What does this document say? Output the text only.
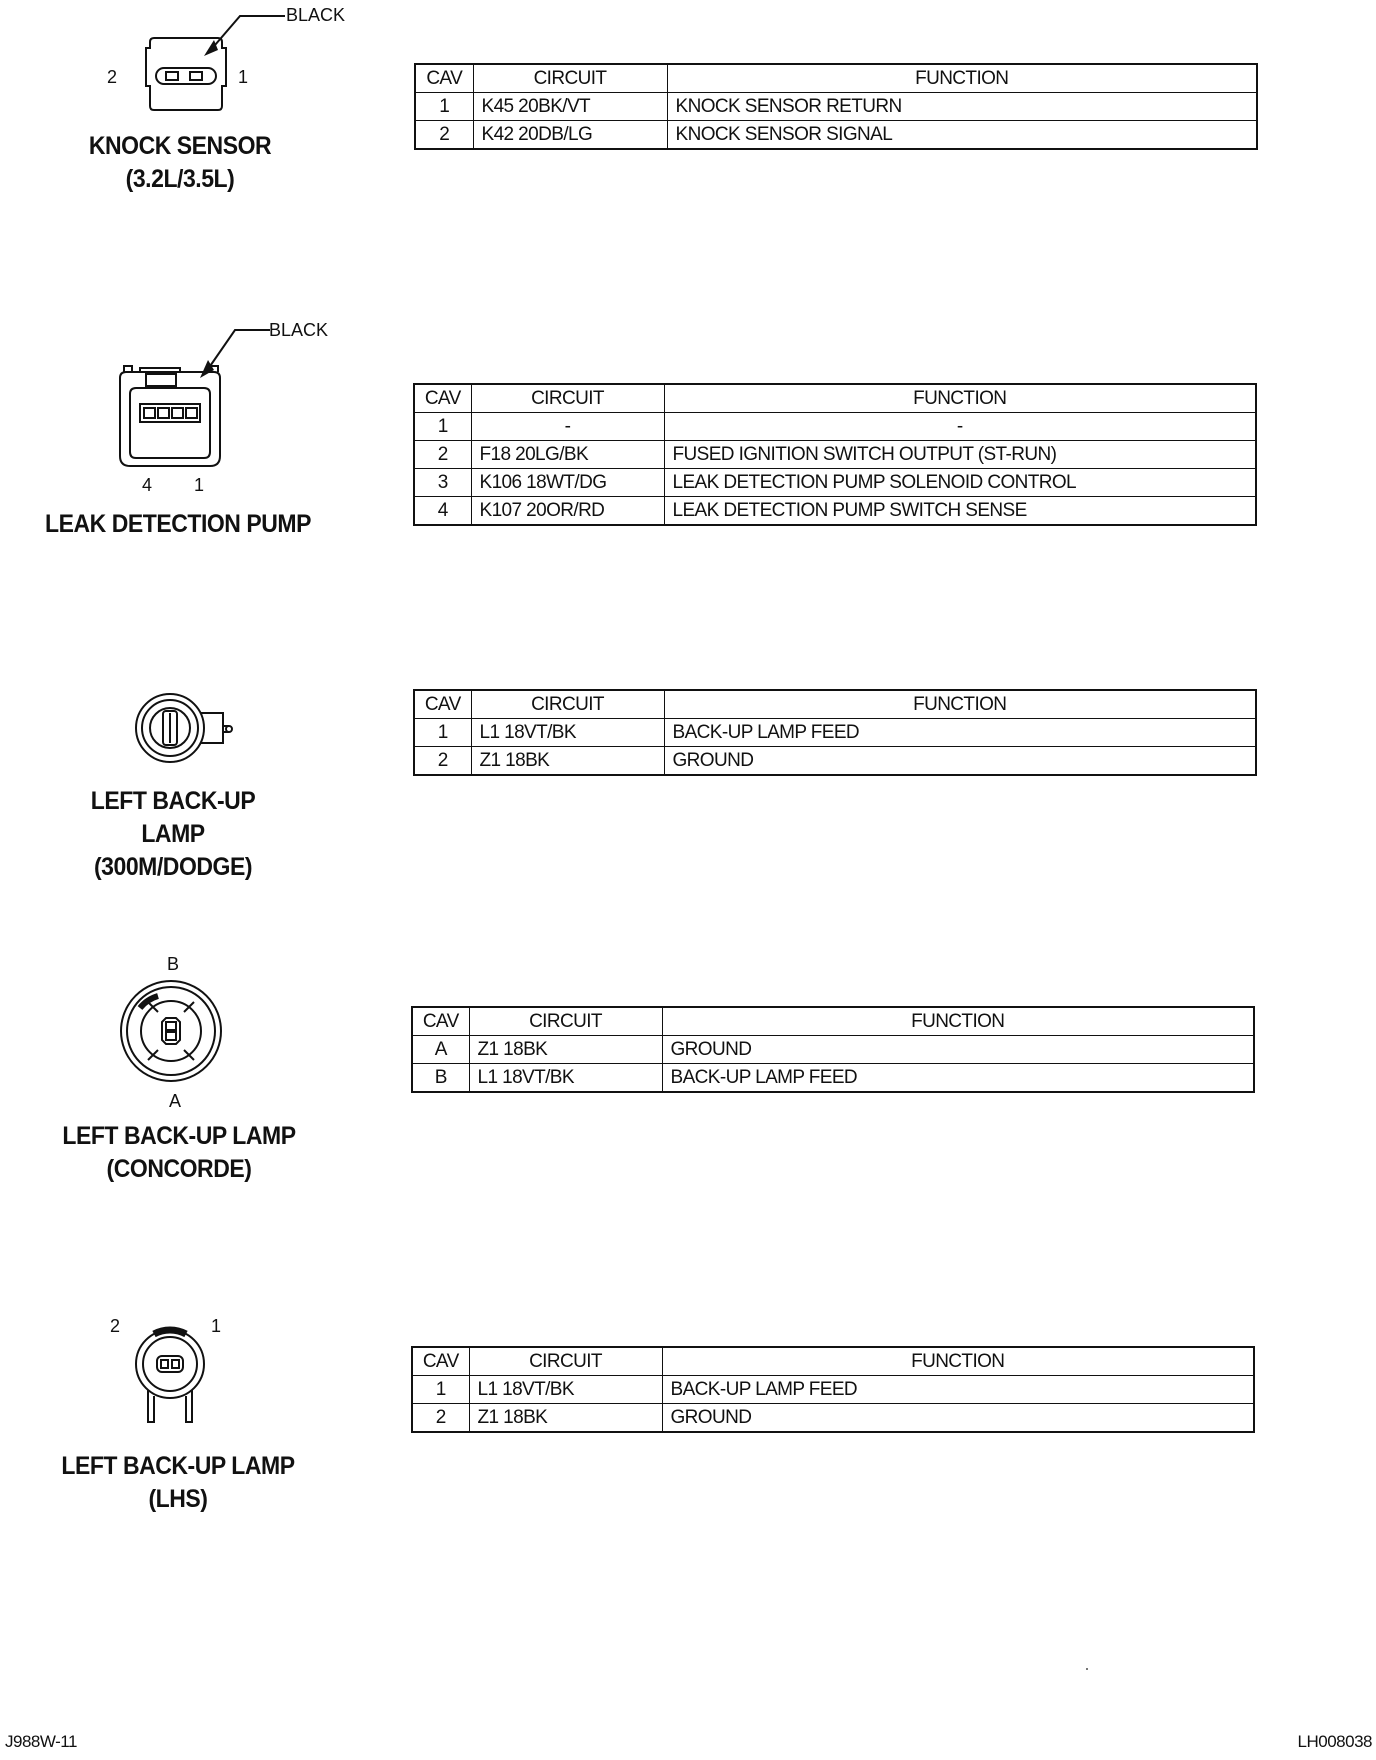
BLACK
2	1
KNOCK SENSOR
(3.2L/3.5L)
CAV	CIRCUIT	FUNCTION
1	K45 20BK/VT	KNOCK SENSOR RETURN
2	K42 20DB/LG	KNOCK SENSOR SIGNAL
BLACK
4 1
LEAK DETECTION PUMP
CAV	CIRCUIT	FUNCTION
1	-	-
2	F18 20LG/BK	FUSED IGNITION SWITCH OUTPUT (ST-RUN)
3	K106 18WT/DG	LEAK DETECTION PUMP SOLENOID CONTROL
4	K107 20OR/RD	LEAK DETECTION PUMP SWITCH SENSE
LEFT BACK-UP
LAMP
(300M/DODGE)
CAV	CIRCUIT	FUNCTION
1	L1 18VT/BK	BACK-UP LAMP FEED
2	Z1 18BK	GROUND
B
A
LEFT BACK-UP LAMP
(CONCORDE)
CAV	CIRCUIT	FUNCTION
A	Z1 18BK	GROUND
B	L1 18VT/BK	BACK-UP LAMP FEED
2	1
LEFT BACK-UP LAMP
(LHS)
CAV	CIRCUIT	FUNCTION
1	L1 18VT/BK	BACK-UP LAMP FEED
2	Z1 18BK	GROUND
J988W-11	LH008038
